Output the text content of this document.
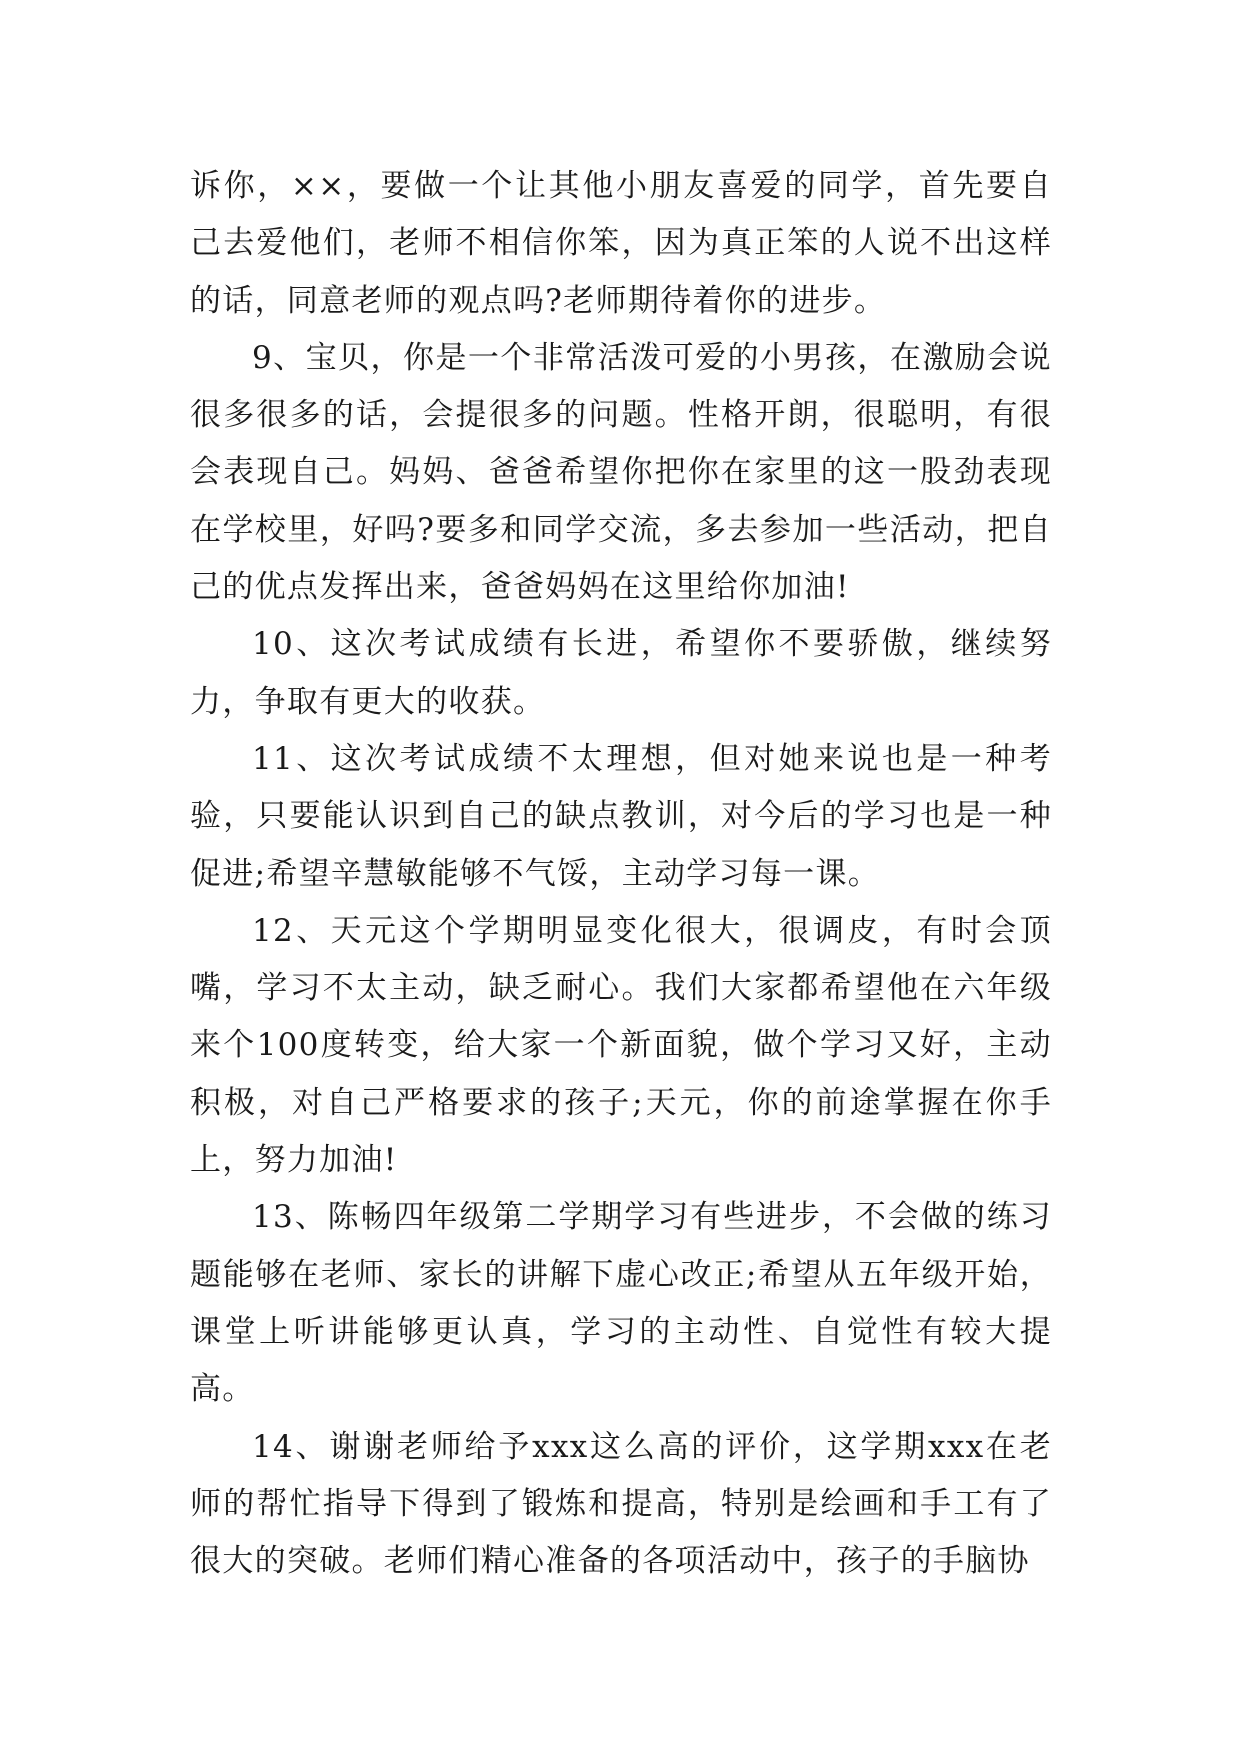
诉你，××，要做一个让其他小朋友喜爱的同学，首先要自己去爱他们，老师不相信你笨，因为真正笨的人说不出这样的话，同意老师的观点吗?老师期待着你的进步。

9、宝贝，你是一个非常活泼可爱的小男孩，在激励会说很多很多的话，会提很多的问题。性格开朗，很聪明，有很会表现自己。妈妈、爸爸希望你把你在家里的这一股劲表现在学校里，好吗?要多和同学交流，多去参加一些活动，把自己的优点发挥出来，爸爸妈妈在这里给你加油!

10、这次考试成绩有长进，希望你不要骄傲，继续努力，争取有更大的收获。

11、这次考试成绩不太理想，但对她来说也是一种考验，只要能认识到自己的缺点教训，对今后的学习也是一种促进;希望辛慧敏能够不气馁，主动学习每一课。

12、天元这个学期明显变化很大，很调皮，有时会顶嘴，学习不太主动，缺乏耐心。我们大家都希望他在六年级来个100度转变，给大家一个新面貌，做个学习又好，主动积极，对自己严格要求的孩子;天元，你的前途掌握在你手上，努力加油!

13、陈畅四年级第二学期学习有些进步，不会做的练习题能够在老师、家长的讲解下虚心改正;希望从五年级开始，课堂上听讲能够更认真，学习的主动性、自觉性有较大提高。

14、谢谢老师给予xxx这么高的评价，这学期xxx在老师的帮忙指导下得到了锻炼和提高，特别是绘画和手工有了很大的突破。老师们精心准备的各项活动中，孩子的手脑协
